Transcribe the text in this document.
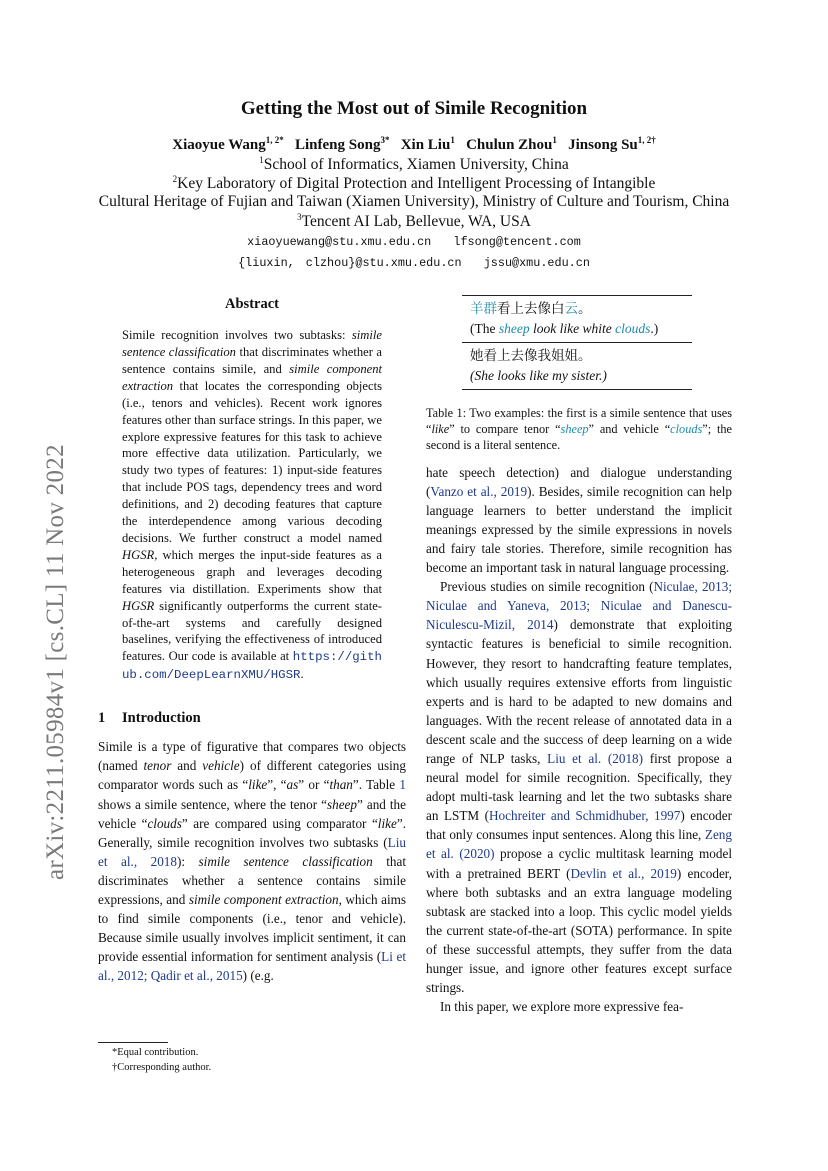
arXiv:2211.05984v1 [cs.CL] 11 Nov 2022
Getting the Most out of Simile Recognition
Xiaoyue Wang$^{1, 2*}$ Linfeng Song$^{3*}$ Xin Liu$^1$ Chulun Zhou$^1$ Jinsong $Su^{1, 2\dagger}$
$^1$School of Informatics, Xiamen University, China
$^2$Key Laboratory of Digital Protection and Intelligent Processing of Intangible
Cultural Heritage of Fujian and Taiwan (Xiamen University), Ministry of Culture and Tourism, China
$^3$Tencent AI Lab, Bellevue, WA, USA
xiaoyuewang@stu.xmu.edu.cn  lfsong@tencent.com
{liuxin, clzhou}@stu.xmu.edu.cn  jssu@xmu.edu.cn
Abstract
Simile recognition involves two subtasks: simile sentence classification that discriminates whether a sentence contains simile, and simile component extraction that locates the corresponding objects (i.e., tenors and vehicles). Recent work ignores features other than surface strings. In this paper, we explore expressive features for this task to achieve more effective data utilization. Particularly, we study two types of features: 1) input-side features that include POS tags, dependency trees and word definitions, and 2) decoding features that capture the interdependence among various decoding decisions. We further construct a model named HGSR, which merges the input-side features as a heterogeneous graph and leverages decoding features via distillation. Experiments show that HGSR significantly outperforms the current state-of-the-art systems and carefully designed baselines, verifying the effectiveness of introduced features. Our code is available at https://github.com/DeepLearnXMU/HGSR.
1 Introduction
Simile is a type of figurative that compares two objects (named tenor and vehicle) of different categories using comparator words such as “like”, “as” or “than”. Table 1 shows a simile sentence, where the tenor “sheep” and the vehicle “clouds” are compared using comparator “like”. Generally, simile recognition involves two subtasks (Liu et al., 2018): simile sentence classification that discriminates whether a sentence contains simile expressions, and simile component extraction, which aims to find simile components (i.e., tenor and vehicle). Because simile usually involves implicit sentiment, it can provide essential information for sentiment analysis (Li et al., 2012; Qadir et al., 2015) (e.g.
*Equal contribution.
†Corresponding author.
羊群看上去像白云。
(The sheep look like white clouds.)
她看上去像我姐姐。
(She looks like my sister.)
Table 1: Two examples: the first is a simile sentence that uses “like” to compare tenor “sheep” and vehicle “clouds”; the second is a literal sentence.

hate speech detection) and dialogue understanding (Vanzo et al., 2019). Besides, simile recognition can help language learners to better understand the implicit meanings expressed by the simile expressions in novels and fairy tale stories. Therefore, simile recognition has become an important task in natural language processing.

Previous studies on simile recognition (Niculae, 2013; Niculae and Yaneva, 2013; Niculae and Danescu-Niculescu-Mizil, 2014) demonstrate that exploiting syntactic features is beneficial to simile recognition. However, they resort to handcrafting feature templates, which usually requires extensive efforts from linguistic experts and is hard to be adapted to new domains and languages. With the recent release of annotated data in a descent scale and the success of deep learning on a wide range of NLP tasks, Liu et al. (2018) first propose a neural model for simile recognition. Specifically, they adopt multi-task learning and let the two subtasks share an LSTM (Hochreiter and Schmidhuber, 1997) encoder that only consumes input sentences. Along this line, Zeng et al. (2020) propose a cyclic multitask learning model with a pretrained BERT (Devlin et al., 2019) encoder, where both subtasks and an extra language modeling subtask are stacked into a loop. This cyclic model yields the current state-of-the-art (SOTA) performance. In spite of these successful attempts, they suffer from the data hunger issue, and ignore other features except surface strings.

In this paper, we explore more expressive fea-
